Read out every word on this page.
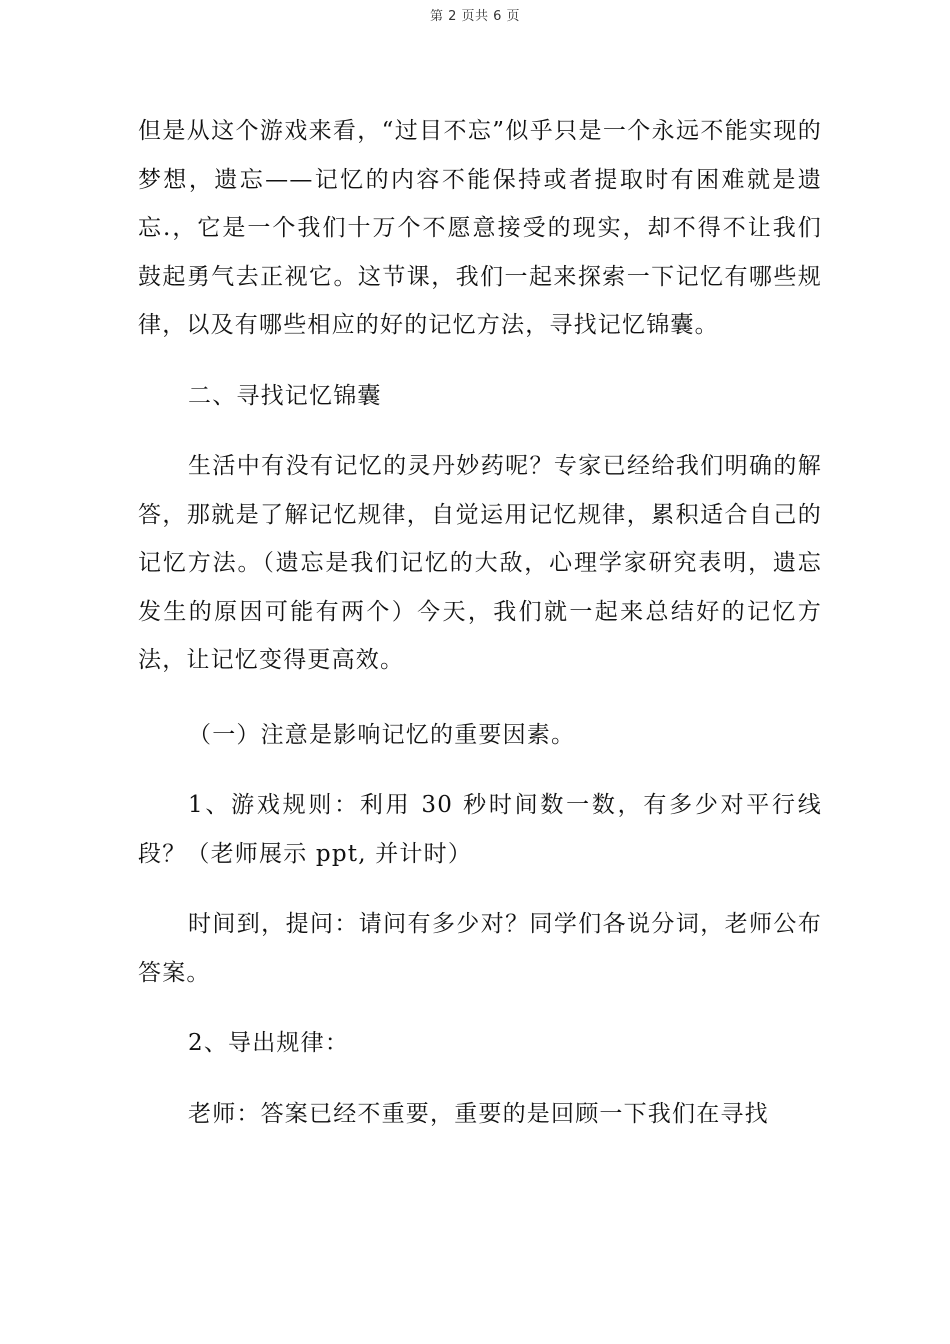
第 2 页共 6 页

但是从这个游戏来看，“过目不忘”似乎只是一个永远不能实现的梦想，遗忘——记忆的内容不能保持或者提取时有困难就是遗忘.，它是一个我们十万个不愿意接受的现实，却不得不让我们鼓起勇气去正视它。这节课，我们一起来探索一下记忆有哪些规律，以及有哪些相应的好的记忆方法，寻找记忆锦囊。

二、寻找记忆锦囊

生活中有没有记忆的灵丹妙药呢？专家已经给我们明确的解答，那就是了解记忆规律，自觉运用记忆规律，累积适合自己的记忆方法。（遗忘是我们记忆的大敌，心理学家研究表明，遗忘发生的原因可能有两个）今天，我们就一起来总结好的记忆方法，让记忆变得更高效。

（一）注意是影响记忆的重要因素。

1、游戏规则：利用 30 秒时间数一数，有多少对平行线段？（老师展示 ppt, 并计时）

时间到，提问：请问有多少对？同学们各说分词，老师公布答案。

2、导出规律：

老师：答案已经不重要，重要的是回顾一下我们在寻找
